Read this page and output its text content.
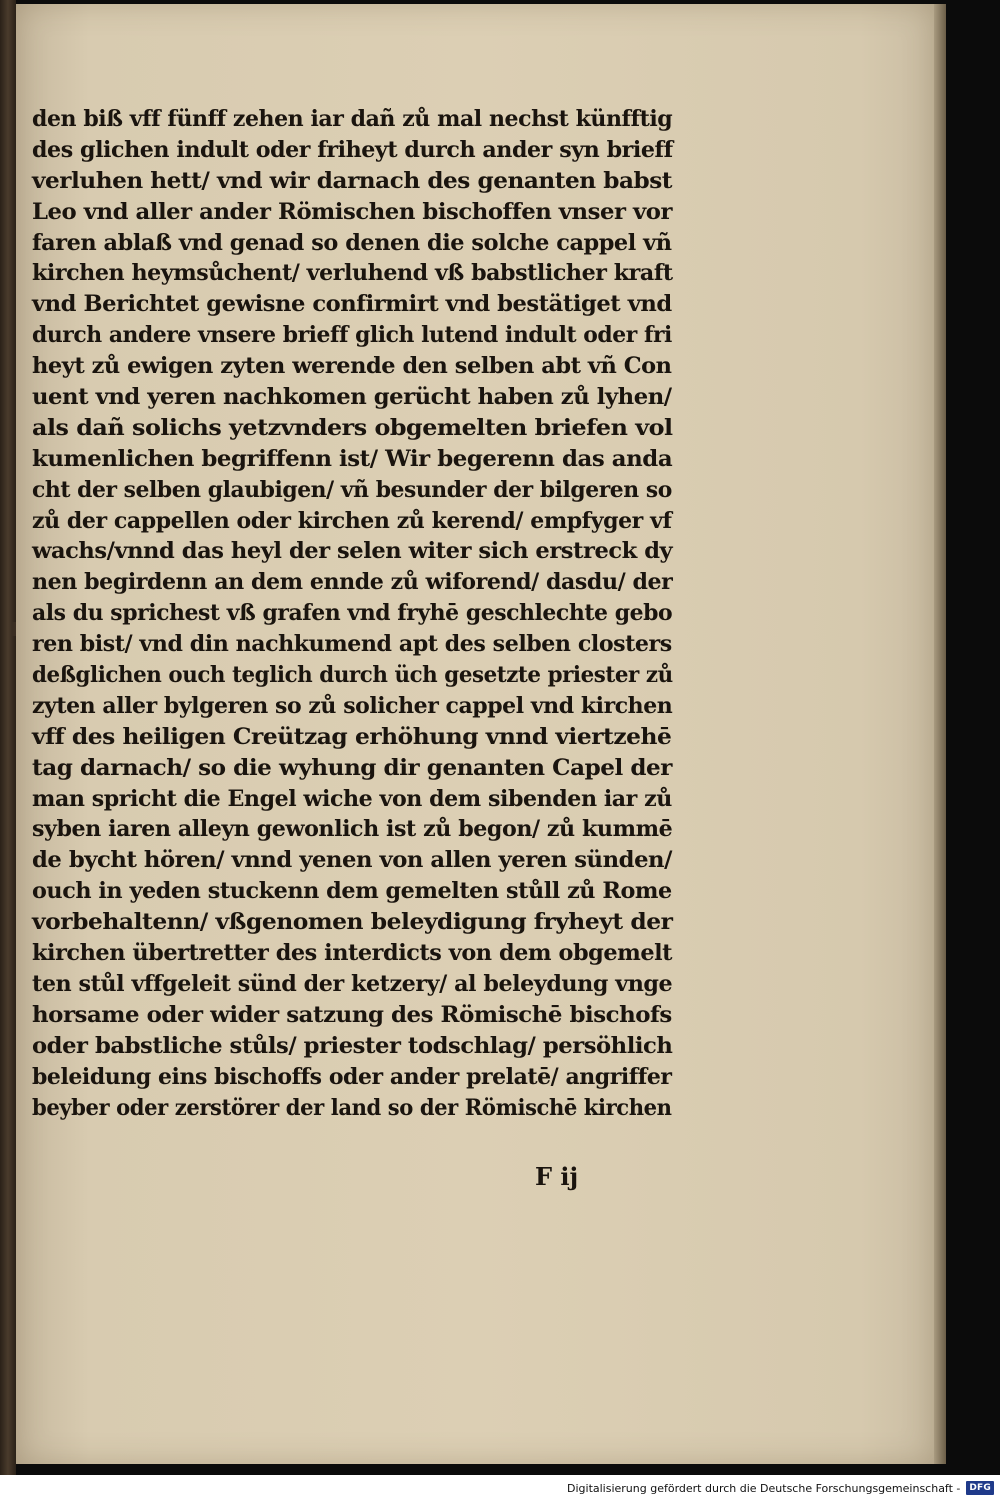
den biß vff fünff zehen iar dañ zů mal nechst künfftig
des glichen indult oder friheyt durch ander syn brieff
verluhen hett/ vnd wir darnach des genanten babst
Leo vnd aller ander Römischen bischoffen vnser vor
faren ablaß vnd genad so denen die solche cappel vñ
kirchen heymsůchent/ verluhend vß babstlicher kraft
vnd Berichtet gewisne confirmirt vnd bestätiget vnd
durch andere vnsere brieff glich lutend indult oder fri
heyt zů ewigen zyten werende den selben abt vñ Con
uent vnd yeren nachkomen gerücht haben zů lyhen/
als dañ solichs yetzvnders obgemelten briefen vol
kumenlichen begriffenn ist/ Wir begerenn das anda
cht der selben glaubigen/ vñ besunder der bilgeren so
zů der cappellen oder kirchen zů kerend/ empfyger vf
wachs/vnnd das heyl der selen witer sich erstreck dy
nen begirdenn an dem ennde zů wiforend/ dasdu/ der
als du sprichest vß grafen vnd fryhē geschlechte gebo
ren bist/ vnd din nachkumend apt des selben closters
deßglichen ouch teglich durch üch gesetzte priester zů
zyten aller bylgeren so zů solicher cappel vnd kirchen
vff des heiligen Creützag erhöhung vnnd viertzehē
tag darnach/ so die wyhung dir genanten Capel der
man spricht die Engel wiche von dem sibenden iar zů
syben iaren alleyn gewonlich ist zů begon/ zů kummē
de bycht hören/ vnnd yenen von allen yeren sünden/
ouch in yeden stuckenn dem gemelten stůll zů Rome
vorbehaltenn/ vßgenomen beleydigung fryheyt der
kirchen übertretter des interdicts von dem obgemelt
ten stůl vffgeleit sünd der ketzery/ al beleydung vnge
horsame oder wider satzung des Römischē bischofs
oder babstliche stůls/ priester todschlag/ persöhlich
beleidung eins bischoffs oder ander prelatē/ angriffer
beyber oder zerstörer der land so der Römischē kirchen
F ij
Digitalisierung gefördert durch die Deutsche Forschungsgemeinschaft -	DFG
